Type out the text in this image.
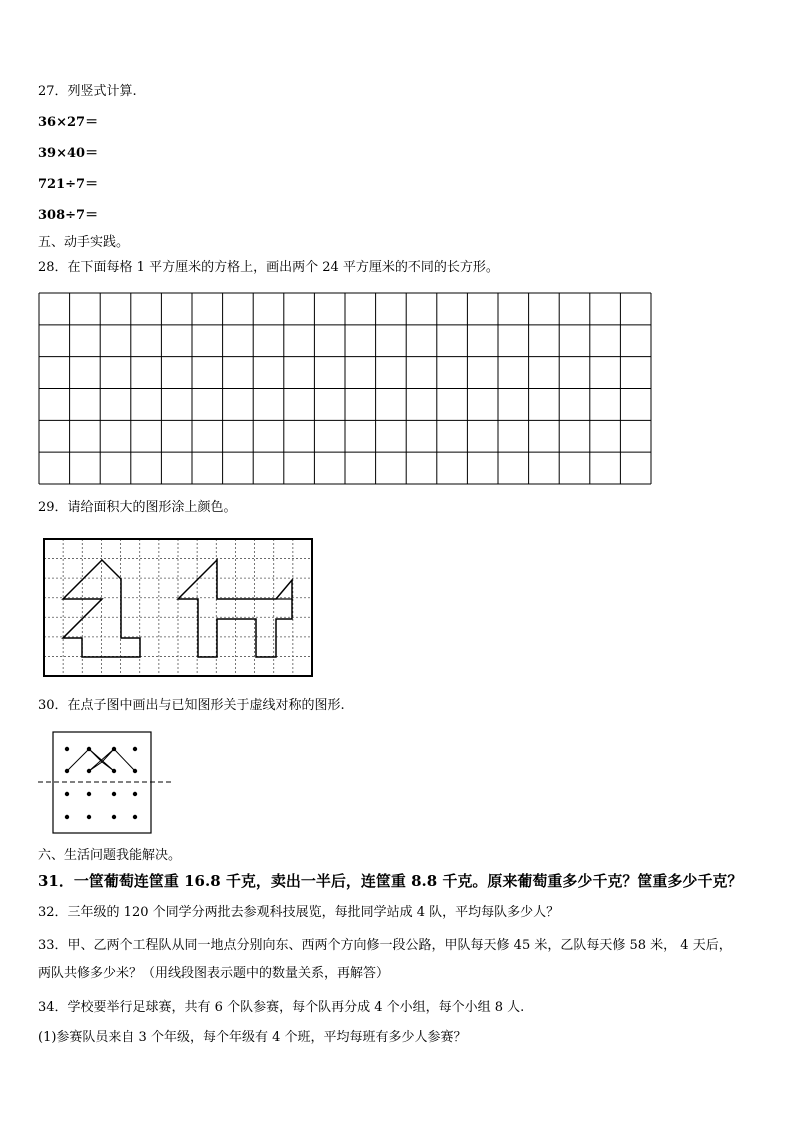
27．列竖式计算.
36×27＝
39×40＝
721÷7＝
308÷7＝
五、动手实践。
28．在下面每格 1 平方厘米的方格上，画出两个 24 平方厘米的不同的长方形。
29．请给面积大的图形涂上颜色。
30．在点子图中画出与已知图形关于虚线对称的图形.
六、生活问题我能解决。
31．一筐葡萄连筐重 16.8 千克，卖出一半后，连筐重 8.8 千克。原来葡萄重多少千克？筐重多少千克？
32．三年级的 120 个同学分两批去参观科技展览，每批同学站成 4 队，平均每队多少人？
33．甲、乙两个工程队从同一地点分别向东、西两个方向修一段公路，甲队每天修 45 米，乙队每天修 58 米， 4 天后，
两队共修多少米？（用线段图表示题中的数量关系，再解答）
34．学校要举行足球赛，共有 6 个队参赛，每个队再分成 4 个小组，每个小组 8 人.
(1)参赛队员来自 3 个年级，每个年级有 4 个班，平均每班有多少人参赛？
